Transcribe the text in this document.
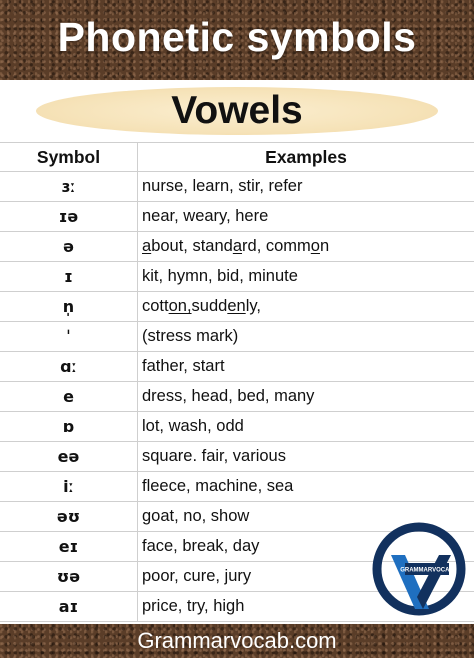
Phonetic symbols
Vowels
Symbol	Examples
ɜː	nurse, learn, stir, refer
ɪə	near, weary, here
ə	a bout, stand a rd, comm o n
ɪ	kit, hymn, bid, minute
n̩	cott on, sudd en ly,
ˈ	(stress mark)
ɑː	father, start
e	dress, head, bed, many
ɒ	lot, wash, odd
eə	square. fair, various
iː	fleece, machine, sea
əʊ	goat, no, show
eɪ	face, break, day
ʊə	poor, cure, jury
aɪ	price, try, high
GRAMMARVOCAB
Grammarvocab.com
